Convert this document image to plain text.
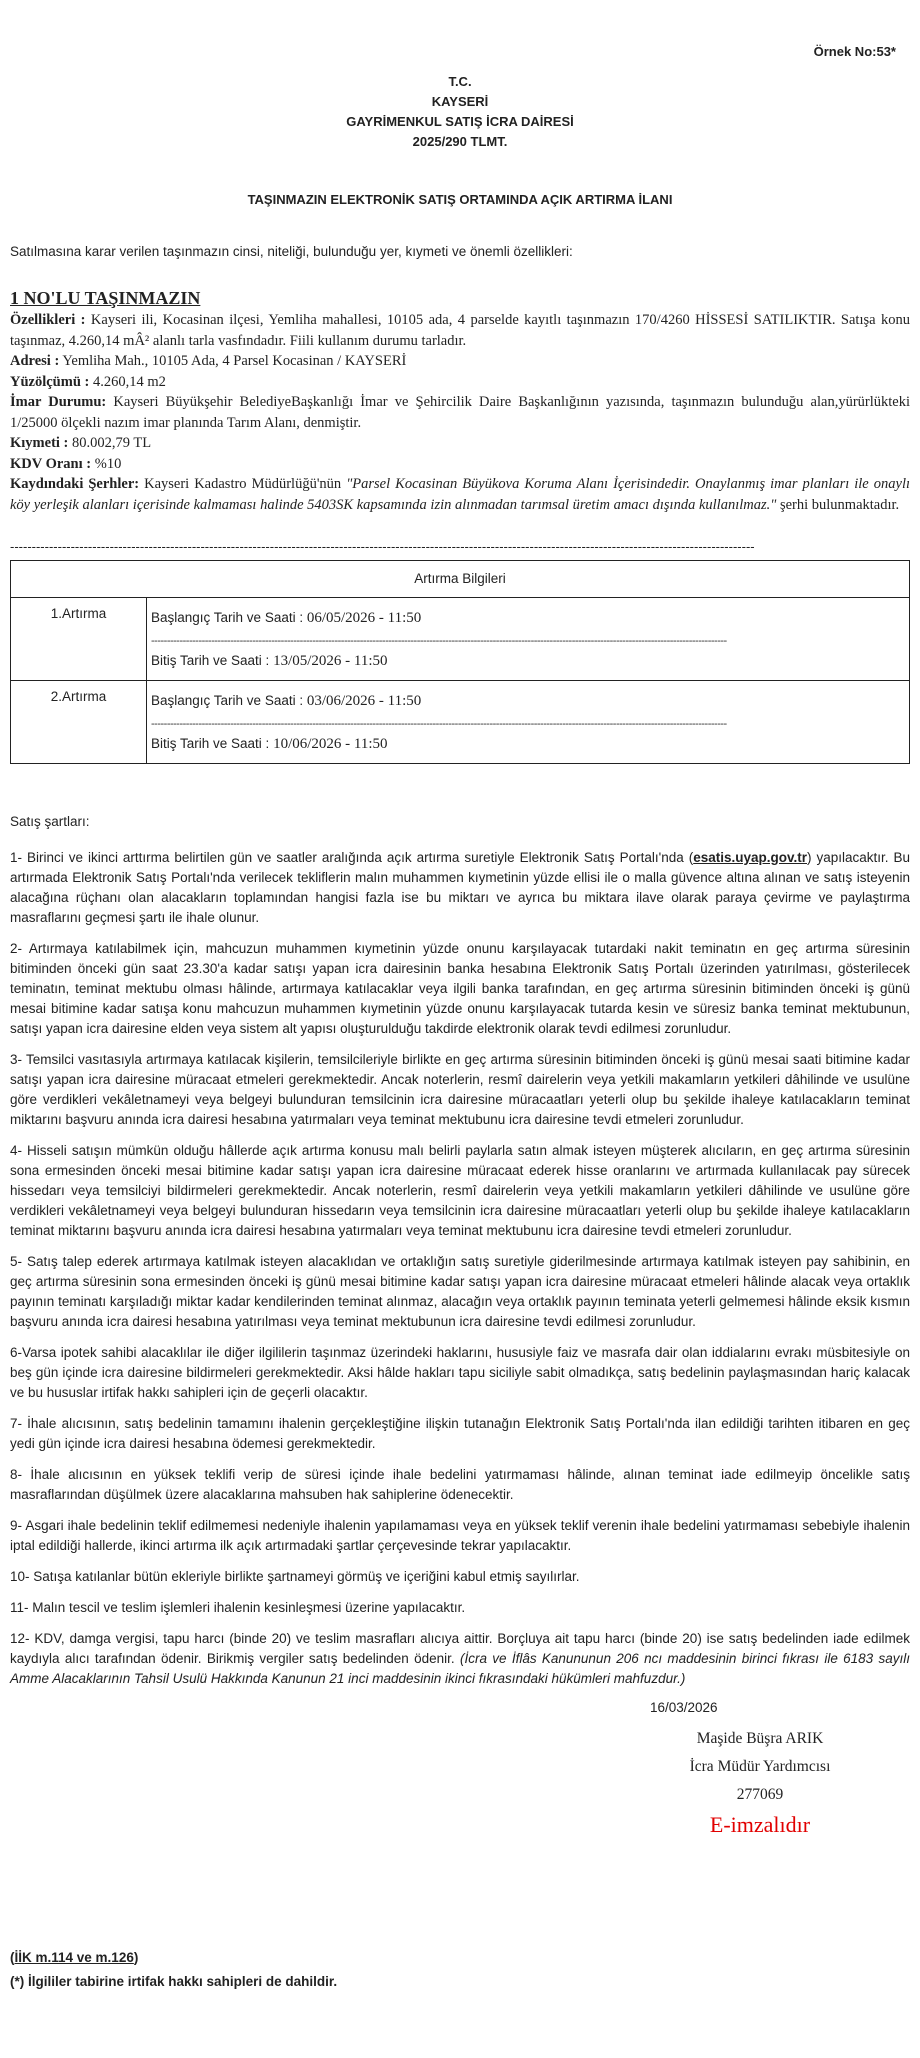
Örnek No:53*
T.C.
KAYSERİ
GAYRİMENKUL SATIŞ İCRA DAİRESİ
2025/290 TLMT.
TAŞINMAZIN ELEKTRONİK SATIŞ ORTAMINDA AÇIK ARTIRMA İLANI
Satılmasına karar verilen taşınmazın cinsi, niteliği, bulunduğu yer, kıymeti ve önemli özellikleri:
1 NO'LU TAŞINMAZIN
Özellikleri : Kayseri ili, Kocasinan ilçesi, Yemliha mahallesi, 10105 ada, 4 parselde kayıtlı taşınmazın 170/4260 HİSSESİ SATILIKTIR. Satışa konu taşınmaz, 4.260,14 mÂ² alanlı tarla vasfındadır. Fiili kullanım durumu tarladır.
Adresi : Yemliha Mah., 10105 Ada, 4 Parsel Kocasinan / KAYSERİ
Yüzölçümü : 4.260,14 m2
İmar Durumu: Kayseri Büyükşehir BelediyeBaşkanlığı İmar ve Şehircilik Daire Başkanlığının yazısında, taşınmazın bulunduğu alan,yürürlükteki 1/25000 ölçekli nazım imar planında Tarım Alanı, denmiştir.
Kıymeti : 80.002,79 TL
KDV Oranı : %10
Kaydındaki Şerhler: Kayseri Kadastro Müdürlüğü'nün "Parsel Kocasinan Büyükova Koruma Alanı İçerisindedir. Onaylanmış imar planları ile onaylı köy yerleşik alanları içerisinde kalmaması halinde 5403SK kapsamında izin alınmadan tarımsal üretim amacı dışında kullanılmaz." şerhi bulunmaktadır.
----------------------------------------------------------------------------------------------------------------------------------------------------------------------------
Artırma Bilgileri	
1.Artırma	Başlangıç Tarih ve Saati : 06/05/2026 - 11:50
--------------------------------------------------------------------------------------------------------------------------------------------------------------------------------------
Bitiş Tarih ve Saati : 13/05/2026 - 11:50

2.Artırma	Başlangıç Tarih ve Saati : 03/06/2026 - 11:50
--------------------------------------------------------------------------------------------------------------------------------------------------------------------------------------
Bitiş Tarih ve Saati : 10/06/2026 - 11:50

Satış şartları:

1- Birinci ve ikinci arttırma belirtilen gün ve saatler aralığında açık artırma suretiyle Elektronik Satış Portalı'nda (esatis.uyap.gov.tr) yapılacaktır. Bu artırmada Elektronik Satış Portalı'nda verilecek tekliflerin malın muhammen kıymetinin yüzde ellisi ile o malla güvence altına alınan ve satış isteyenin alacağına rüçhanı olan alacakların toplamından hangisi fazla ise bu miktarı ve ayrıca bu miktara ilave olarak paraya çevirme ve paylaştırma masraflarını geçmesi şartı ile ihale olunur.

2- Artırmaya katılabilmek için, mahcuzun muhammen kıymetinin yüzde onunu karşılayacak tutardaki nakit teminatın en geç artırma süresinin bitiminden önceki gün saat 23.30'a kadar satışı yapan icra dairesinin banka hesabına Elektronik Satış Portalı üzerinden yatırılması, gösterilecek teminatın, teminat mektubu olması hâlinde, artırmaya katılacaklar veya ilgili banka tarafından, en geç artırma süresinin bitiminden önceki iş günü mesai bitimine kadar satışa konu mahcuzun muhammen kıymetinin yüzde onunu karşılayacak tutarda kesin ve süresiz banka teminat mektubunun, satışı yapan icra dairesine elden veya sistem alt yapısı oluşturulduğu takdirde elektronik olarak tevdi edilmesi zorunludur.

3- Temsilci vasıtasıyla artırmaya katılacak kişilerin, temsilcileriyle birlikte en geç artırma süresinin bitiminden önceki iş günü mesai saati bitimine kadar satışı yapan icra dairesine müracaat etmeleri gerekmektedir. Ancak noterlerin, resmî dairelerin veya yetkili makamların yetkileri dâhilinde ve usulüne göre verdikleri vekâletnameyi veya belgeyi bulunduran temsilcinin icra dairesine müracaatları yeterli olup bu şekilde ihaleye katılacakların teminat miktarını başvuru anında icra dairesi hesabına yatırmaları veya teminat mektubunu icra dairesine tevdi etmeleri zorunludur.

4- Hisseli satışın mümkün olduğu hâllerde açık artırma konusu malı belirli paylarla satın almak isteyen müşterek alıcıların, en geç artırma süresinin sona ermesinden önceki mesai bitimine kadar satışı yapan icra dairesine müracaat ederek hisse oranlarını ve artırmada kullanılacak pay sürecek hissedarı veya temsilciyi bildirmeleri gerekmektedir. Ancak noterlerin, resmî dairelerin veya yetkili makamların yetkileri dâhilinde ve usulüne göre verdikleri vekâletnameyi veya belgeyi bulunduran hissedarın veya temsilcinin icra dairesine müracaatları yeterli olup bu şekilde ihaleye katılacakların teminat miktarını başvuru anında icra dairesi hesabına yatırmaları veya teminat mektubunu icra dairesine tevdi etmeleri zorunludur.

5- Satış talep ederek artırmaya katılmak isteyen alacaklıdan ve ortaklığın satış suretiyle giderilmesinde artırmaya katılmak isteyen pay sahibinin, en geç artırma süresinin sona ermesinden önceki iş günü mesai bitimine kadar satışı yapan icra dairesine müracaat etmeleri hâlinde alacak veya ortaklık payının teminatı karşıladığı miktar kadar kendilerinden teminat alınmaz, alacağın veya ortaklık payının teminata yeterli gelmemesi hâlinde eksik kısmın başvuru anında icra dairesi hesabına yatırılması veya teminat mektubunun icra dairesine tevdi edilmesi zorunludur.

6-Varsa ipotek sahibi alacaklılar ile diğer ilgililerin taşınmaz üzerindeki haklarını, hususiyle faiz ve masrafa dair olan iddialarını evrakı müsbitesiyle on beş gün içinde icra dairesine bildirmeleri gerekmektedir. Aksi hâlde hakları tapu siciliyle sabit olmadıkça, satış bedelinin paylaşmasından hariç kalacak ve bu hususlar irtifak hakkı sahipleri için de geçerli olacaktır.

7- İhale alıcısının, satış bedelinin tamamını ihalenin gerçekleştiğine ilişkin tutanağın Elektronik Satış Portalı'nda ilan edildiği tarihten itibaren en geç yedi gün içinde icra dairesi hesabına ödemesi gerekmektedir.

8- İhale alıcısının en yüksek teklifi verip de süresi içinde ihale bedelini yatırmaması hâlinde, alınan teminat iade edilmeyip öncelikle satış masraflarından düşülmek üzere alacaklarına mahsuben hak sahiplerine ödenecektir.

9- Asgari ihale bedelinin teklif edilmemesi nedeniyle ihalenin yapılamaması veya en yüksek teklif verenin ihale bedelini yatırmaması sebebiyle ihalenin iptal edildiği hallerde, ikinci artırma ilk açık artırmadaki şartlar çerçevesinde tekrar yapılacaktır.

10- Satışa katılanlar bütün ekleriyle birlikte şartnameyi görmüş ve içeriğini kabul etmiş sayılırlar.

11- Malın tescil ve teslim işlemleri ihalenin kesinleşmesi üzerine yapılacaktır.

12- KDV, damga vergisi, tapu harcı (binde 20) ve teslim masrafları alıcıya aittir. Borçluya ait tapu harcı (binde 20) ise satış bedelinden iade edilmek kaydıyla alıcı tarafından ödenir. Birikmiş vergiler satış bedelinden ödenir. (İcra ve İflâs Kanununun 206 ncı maddesinin birinci fıkrası ile 6183 sayılı Amme Alacaklarının Tahsil Usulü Hakkında Kanunun 21 inci maddesinin ikinci fıkrasındaki hükümleri mahfuzdur.)

16/03/2026
Maşide Büşra ARIK
İcra Müdür Yardımcısı
277069
E-imzalıdır
(İİK m.114 ve m.126)
(*) İlgililer tabirine irtifak hakkı sahipleri de dahildir.
